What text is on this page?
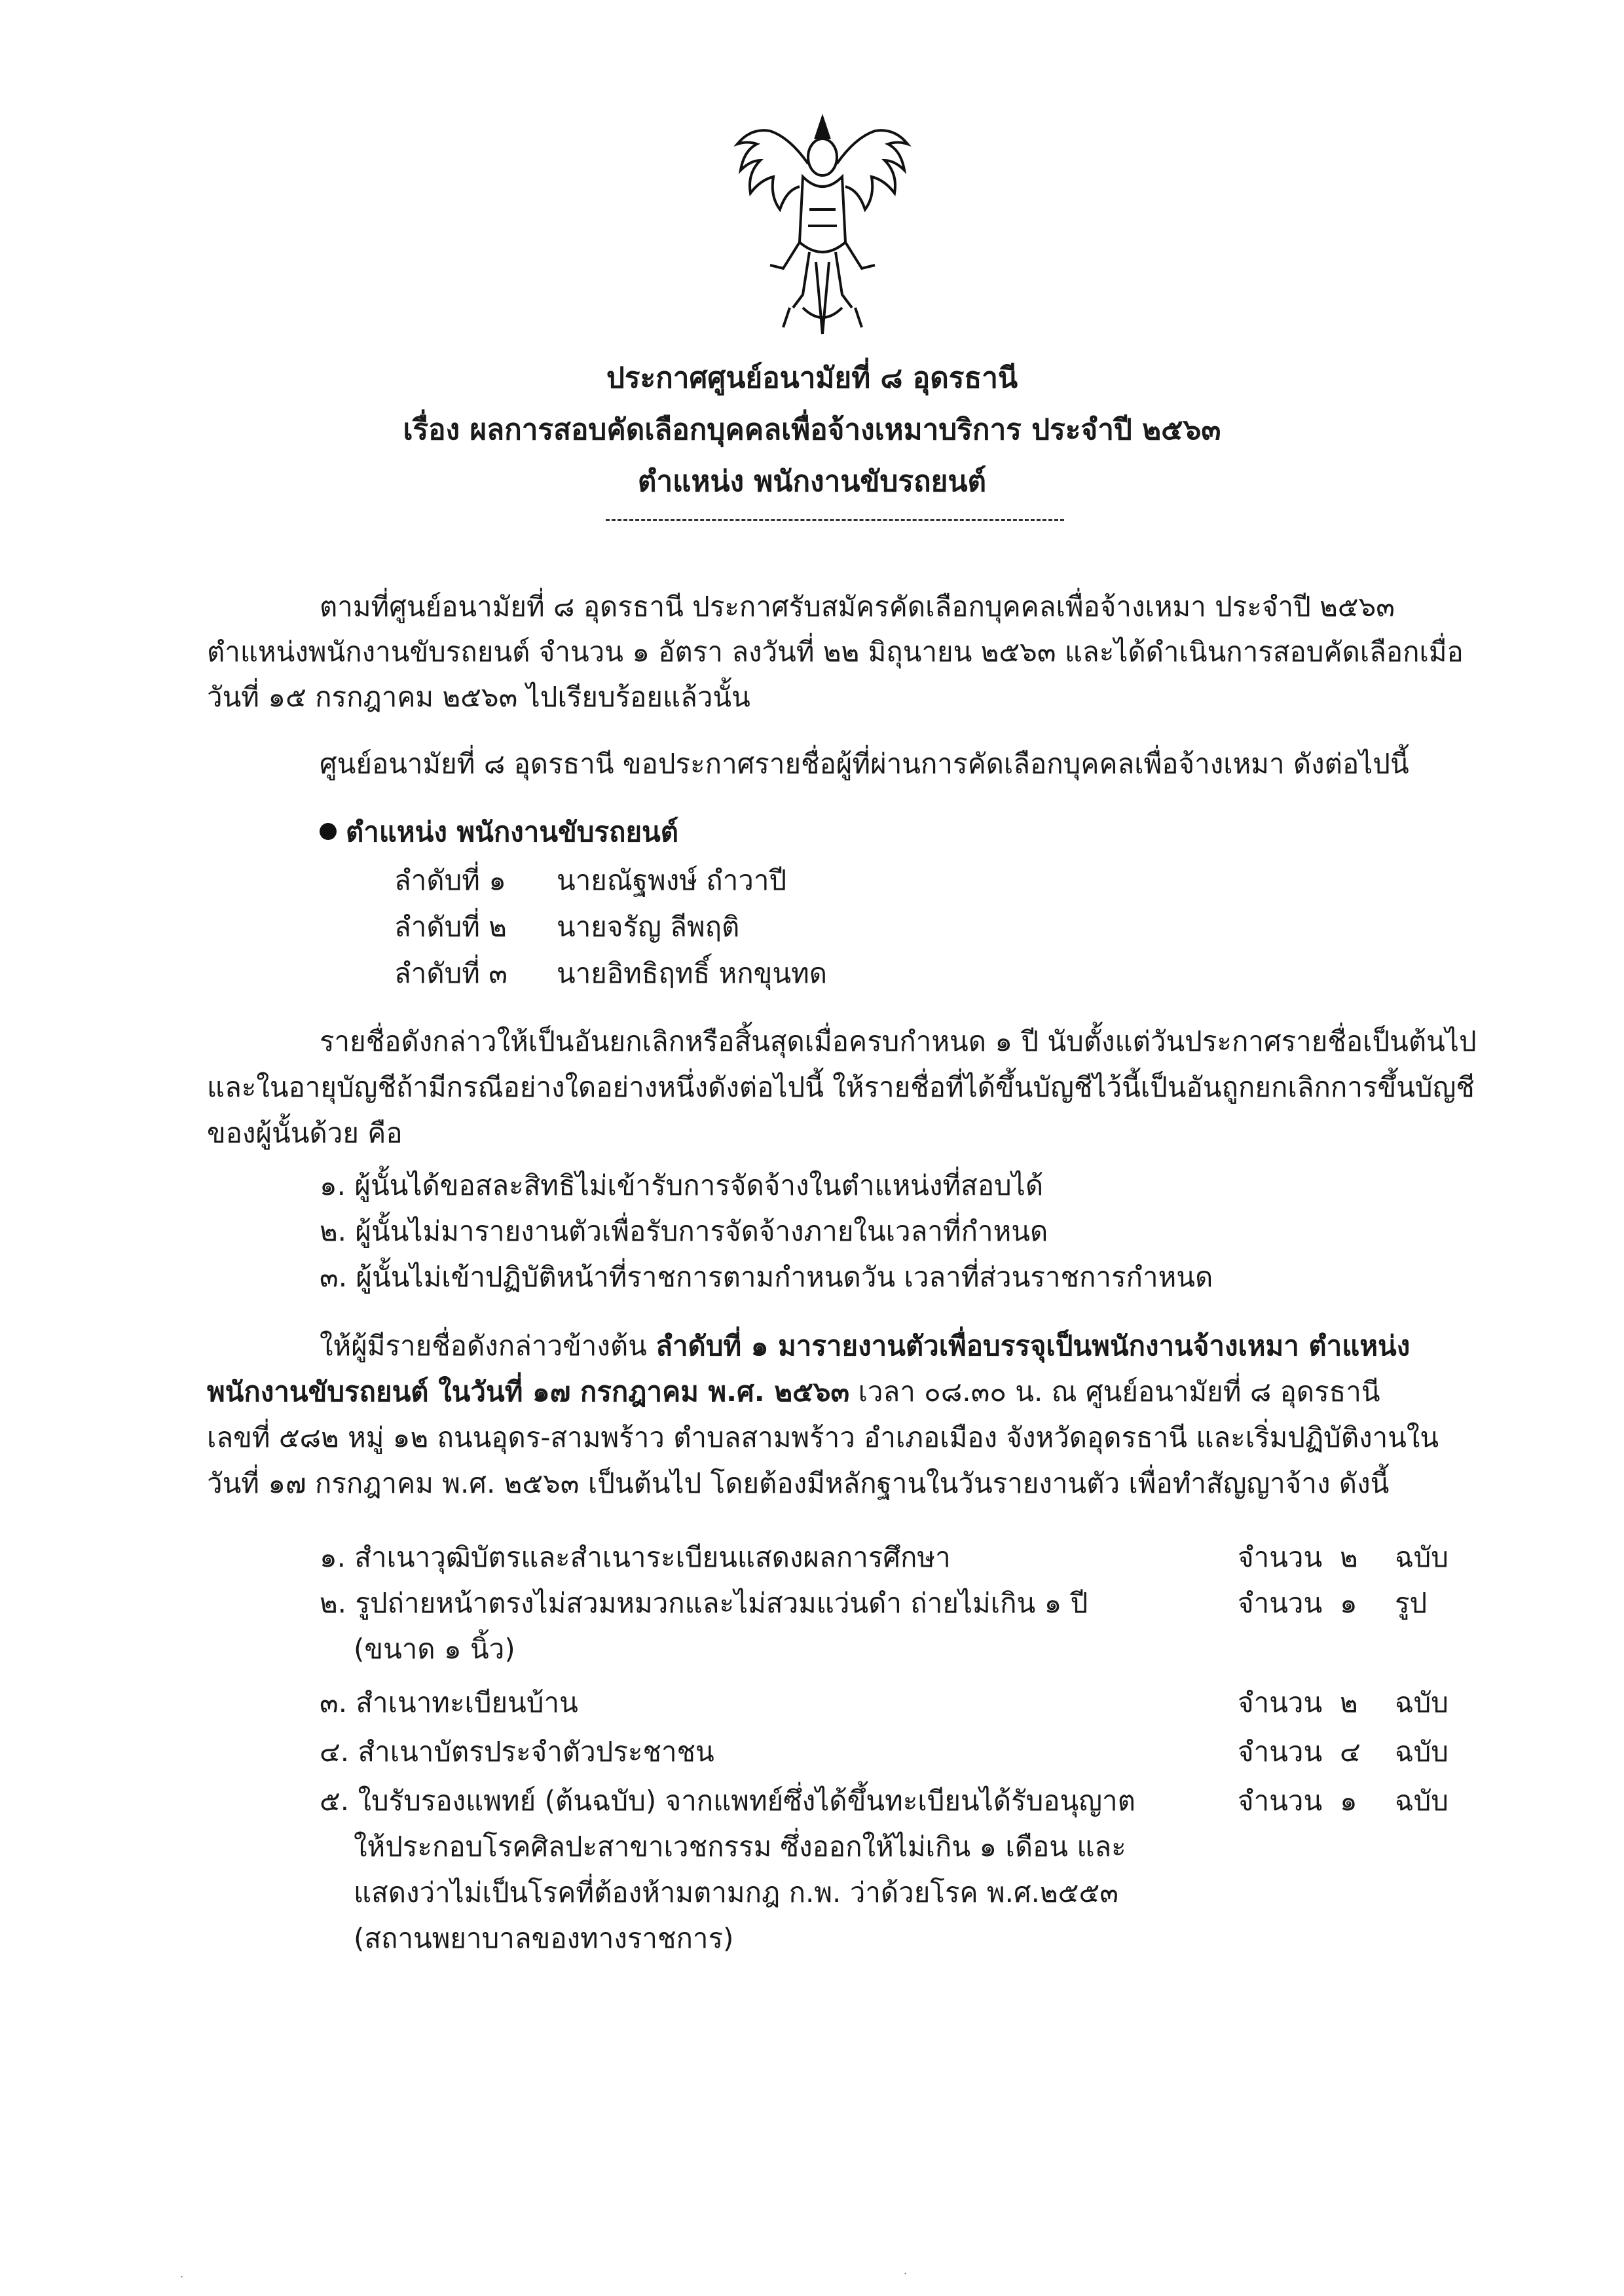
ประกาศศูนย์อนามัยที่ ๘ อุดรธานี
เรื่อง ผลการสอบคัดเลือกบุคคลเพื่อจ้างเหมาบริการ ประจำปี ๒๕๖๓
ตำแหน่ง พนักงานขับรถยนต์
ตามที่ศูนย์อนามัยที่ ๘ อุดรธานี ประกาศรับสมัครคัดเลือกบุคคลเพื่อจ้างเหมา ประจำปี ๒๕๖๓
ตำแหน่งพนักงานขับรถยนต์ จำนวน ๑ อัตรา ลงวันที่ ๒๒ มิถุนายน ๒๕๖๓ และได้ดำเนินการสอบคัดเลือกเมื่อ
วันที่ ๑๕ กรกฎาคม ๒๕๖๓ ไปเรียบร้อยแล้วนั้น
ศูนย์อนามัยที่ ๘ อุดรธานี ขอประกาศรายชื่อผู้ที่ผ่านการคัดเลือกบุคคลเพื่อจ้างเหมา ดังต่อไปนี้
ตำแหน่ง พนักงานขับรถยนต์
ลำดับที่ ๑ นายณัฐพงษ์ ถำวาปี
ลำดับที่ ๒ นายจรัญ ลีพฤติ
ลำดับที่ ๓ นายอิทธิฤทธิ์ หกขุนทด
รายชื่อดังกล่าวให้เป็นอันยกเลิกหรือสิ้นสุดเมื่อครบกำหนด ๑ ปี นับตั้งแต่วันประกาศรายชื่อเป็นต้นไป
และในอายุบัญชีถ้ามีกรณีอย่างใดอย่างหนึ่งดังต่อไปนี้ ให้รายชื่อที่ได้ขึ้นบัญชีไว้นี้เป็นอันถูกยกเลิกการขึ้นบัญชี
ของผู้นั้นด้วย คือ
๑. ผู้นั้นได้ขอสละสิทธิไม่เข้ารับการจัดจ้างในตำแหน่งที่สอบได้
๒. ผู้นั้นไม่มารายงานตัวเพื่อรับการจัดจ้างภายในเวลาที่กำหนด
๓. ผู้นั้นไม่เข้าปฏิบัติหน้าที่ราชการตามกำหนดวัน เวลาที่ส่วนราชการกำหนด
ให้ผู้มีรายชื่อดังกล่าวข้างต้น ลำดับที่ ๑ มารายงานตัวเพื่อบรรจุเป็นพนักงานจ้างเหมา ตำแหน่ง
พนักงานขับรถยนต์ ในวันที่ ๑๗ กรกฎาคม พ.ศ. ๒๕๖๓ เวลา ๐๘.๓๐ น. ณ ศูนย์อนามัยที่ ๘ อุดรธานี
เลขที่ ๕๘๒ หมู่ ๑๒ ถนนอุดร-สามพร้าว ตำบลสามพร้าว อำเภอเมือง จังหวัดอุดรธานี และเริ่มปฏิบัติงานใน
วันที่ ๑๗ กรกฎาคม พ.ศ. ๒๕๖๓ เป็นต้นไป โดยต้องมีหลักฐานในวันรายงานตัว เพื่อทำสัญญาจ้าง ดังนี้
๑. สำเนาวุฒิบัตรและสำเนาระเบียนแสดงผลการศึกษา	จำนวน ๒ ฉบับ
๒. รูปถ่ายหน้าตรงไม่สวมหมวกและไม่สวมแว่นดำ ถ่ายไม่เกิน ๑ ปี	จำนวน ๑ รูป
(ขนาด ๑ นิ้ว)
๓. สำเนาทะเบียนบ้าน	จำนวน ๒ ฉบับ
๔. สำเนาบัตรประจำตัวประชาชน	จำนวน ๔ ฉบับ
๕. ใบรับรองแพทย์ (ต้นฉบับ) จากแพทย์ซึ่งได้ขึ้นทะเบียนได้รับอนุญาต	จำนวน ๑ ฉบับ
ให้ประกอบโรคศิลปะสาขาเวชกรรม ซึ่งออกให้ไม่เกิน ๑ เดือน และ
แสดงว่าไม่เป็นโรคที่ต้องห้ามตามกฎ ก.พ. ว่าด้วยโรค พ.ศ.๒๕๕๓
(สถานพยาบาลของทางราชการ)
ॱ	ॱ
